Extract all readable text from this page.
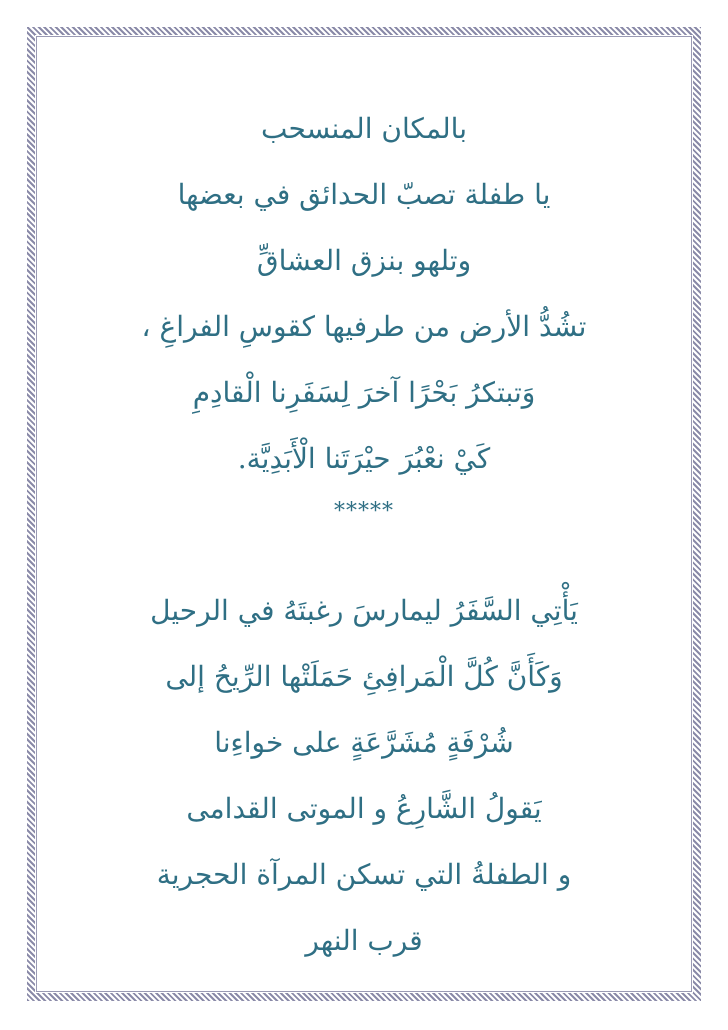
بالمكان المنسحب
يا طفلة تصبّ الحدائق في بعضها
وتلهو بنزق العشاقِّ
تشُدُّ الأرض من طرفيها كقوسِ الفراغِ ،
وَتبتكرُ بَحْرًا آخرَ لِسَفَرِنا الْقادِمِ
كَيْ نعْبُرَ حيْرَتَنا الْأَبَدِيَّة.
*****
يَأْتِي السَّفَرُ ليمارسَ رغبتَهُ في الرحيل
وَكَأَنَّ كُلَّ الْمَرافِئِ حَمَلَتْها الرِّيحُ إلى
شُرْفَةٍ مُشَرَّعَةٍ على خواءِنا
يَقولُ الشَّارِعُ و الموتى القدامى
و الطفلةُ التي تسكن المرآة الحجرية
قرب النهر
